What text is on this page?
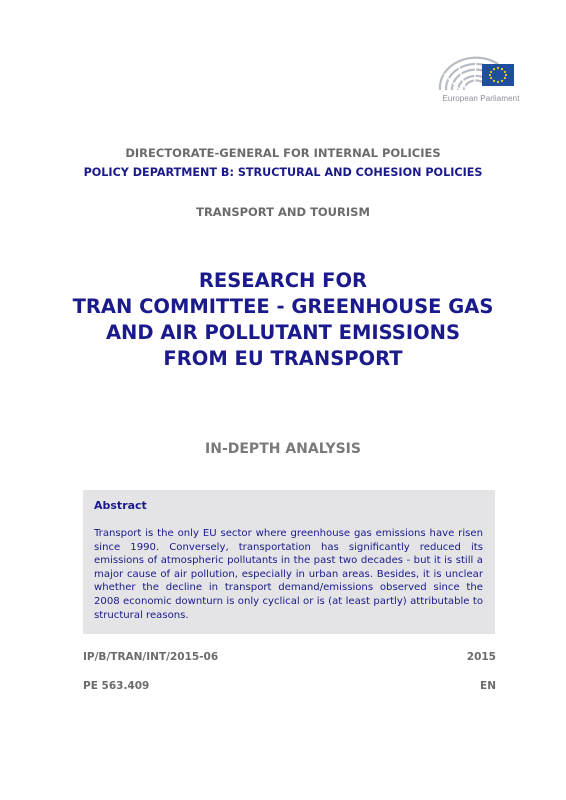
European Parliament
DIRECTORATE-GENERAL FOR INTERNAL POLICIES
POLICY DEPARTMENT B: STRUCTURAL AND COHESION POLICIES
TRANSPORT AND TOURISM
RESEARCH FOR
TRAN COMMITTEE - GREENHOUSE GAS
AND AIR POLLUTANT EMISSIONS
FROM EU TRANSPORT
IN-DEPTH ANALYSIS
Abstract
Transport is the only EU sector where greenhouse gas emissions have risen since 1990. Conversely, transportation has significantly reduced its emissions of atmospheric pollutants in the past two decades - but it is still a major cause of air pollution, especially in urban areas. Besides, it is unclear whether the decline in transport demand/emissions observed since the 2008 economic downturn is only cyclical or is (at least partly) attributable to structural reasons.
IP/B/TRAN/INT/2015-06	2015
PE 563.409	EN
